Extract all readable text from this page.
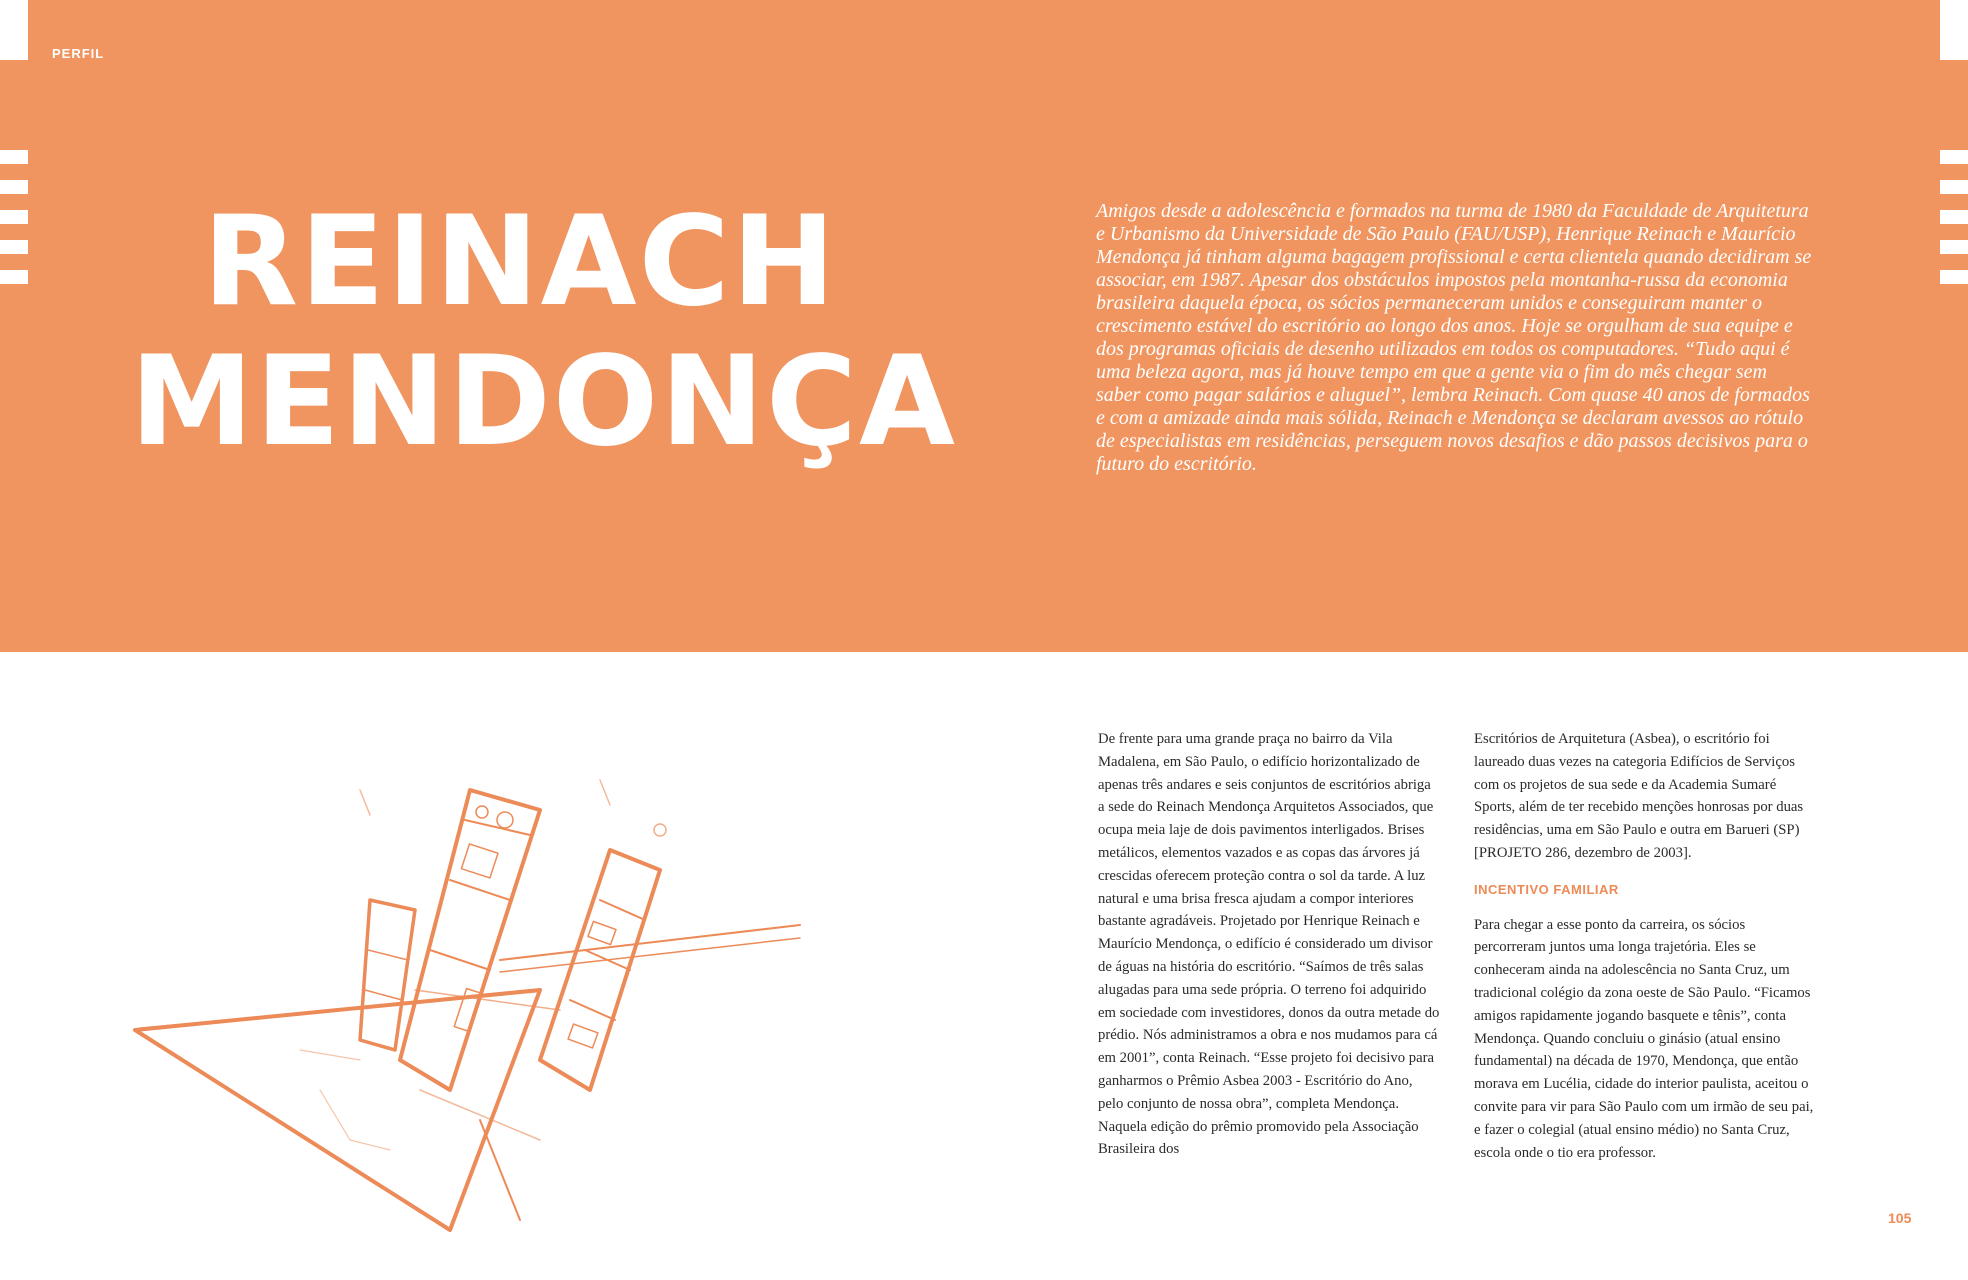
PERFIL
REINACH
MENDONÇA
Amigos desde a adolescência e formados na turma de 1980 da Faculdade de Arquitetura e Urbanismo da Universidade de São Paulo (FAU/USP), Henrique Reinach e Maurício Mendonça já tinham alguma bagagem profissional e certa clientela quando decidiram se associar, em 1987. Apesar dos obstáculos impostos pela montanha-russa da economia brasileira daquela época, os sócios permaneceram unidos e conseguiram manter o crescimento estável do escritório ao longo dos anos. Hoje se orgulham de sua equipe e dos programas oficiais de desenho utilizados em todos os computadores. “Tudo aqui é uma beleza agora, mas já houve tempo em que a gente via o fim do mês chegar sem saber como pagar salários e aluguel”, lembra Reinach. Com quase 40 anos de formados e com a amizade ainda mais sólida, Reinach e Mendonça se declaram avessos ao rótulo de especialistas em residências, perseguem novos desafios e dão passos decisivos para o futuro do escritório.

De frente para uma grande praça no bairro da Vila Madalena, em São Paulo, o edifício horizontalizado de apenas três andares e seis conjuntos de escritórios abriga a sede do Reinach Mendonça Arquitetos Associados, que ocupa meia laje de dois pavimentos interligados. Brises metálicos, elementos vazados e as copas das árvores já crescidas oferecem proteção contra o sol da tarde. A luz natural e uma brisa fresca ajudam a compor interiores bastante agradáveis. Projetado por Henrique Reinach e Maurício Mendonça, o edifício é considerado um divisor de águas na história do escritório. “Saímos de três salas alugadas para uma sede própria. O terreno foi adquirido em sociedade com investidores, donos da outra metade do prédio. Nós administramos a obra e nos mudamos para cá em 2001”, conta Reinach. “Esse projeto foi decisivo para ganharmos o Prêmio Asbea 2003 - Escritório do Ano, pelo conjunto de nossa obra”, completa Mendonça. Naquela edição do prêmio promovido pela Associação Brasileira dos

Escritórios de Arquitetura (Asbea), o escritório foi laureado duas vezes na categoria Edifícios de Serviços com os projetos de sua sede e da Academia Sumaré Sports, além de ter recebido menções honrosas por duas residências, uma em São Paulo e outra em Barueri (SP) [PROJETO 286, dezembro de 2003].

INCENTIVO FAMILIAR

Para chegar a esse ponto da carreira, os sócios percorreram juntos uma longa trajetória. Eles se conheceram ainda na adolescência no Santa Cruz, um tradicional colégio da zona oeste de São Paulo. “Ficamos amigos rapidamente jogando basquete e tênis”, conta Mendonça. Quando concluiu o ginásio (atual ensino fundamental) na década de 1970, Mendonça, que então morava em Lucélia, cidade do interior paulista, aceitou o convite para vir para São Paulo com um irmão de seu pai, e fazer o colegial (atual ensino médio) no Santa Cruz, escola onde o tio era professor.

105
